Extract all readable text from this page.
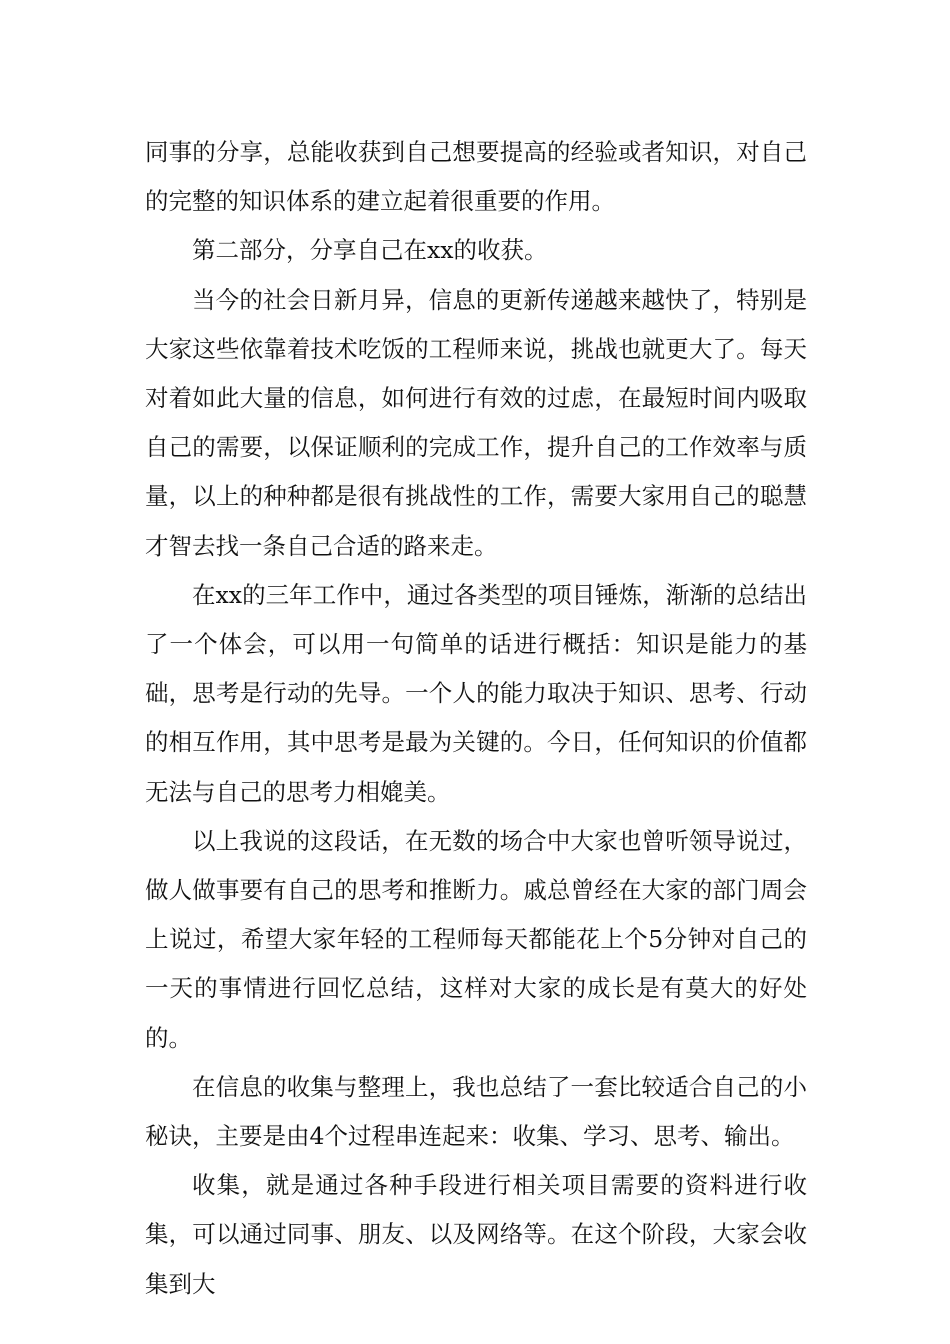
同事的分享，总能收获到自己想要提高的经验或者知识，对自己的完整的知识体系的建立起着很重要的作用。

第二部分，分享自己在xx的收获。

当今的社会日新月异，信息的更新传递越来越快了，特别是大家这些依靠着技术吃饭的工程师来说，挑战也就更大了。每天对着如此大量的信息，如何进行有效的过虑，在最短时间内吸取自己的需要，以保证顺利的完成工作，提升自己的工作效率与质量，以上的种种都是很有挑战性的工作，需要大家用自己的聪慧才智去找一条自己合适的路来走。

在xx的三年工作中，通过各类型的项目锤炼，渐渐的总结出了一个体会，可以用一句简单的话进行概括：知识是能力的基础，思考是行动的先导。一个人的能力取决于知识、思考、行动的相互作用，其中思考是最为关键的。今日，任何知识的价值都无法与自己的思考力相媲美。

以上我说的这段话，在无数的场合中大家也曾听领导说过，做人做事要有自己的思考和推断力。戚总曾经在大家的部门周会上说过，希望大家年轻的工程师每天都能花上个5分钟对自己的一天的事情进行回忆总结，这样对大家的成长是有莫大的好处的。

在信息的收集与整理上，我也总结了一套比较适合自己的小秘诀，主要是由4个过程串连起来：收集、学习、思考、输出。

收集，就是通过各种手段进行相关项目需要的资料进行收集，可以通过同事、朋友、以及网络等。在这个阶段，大家会收集到大
